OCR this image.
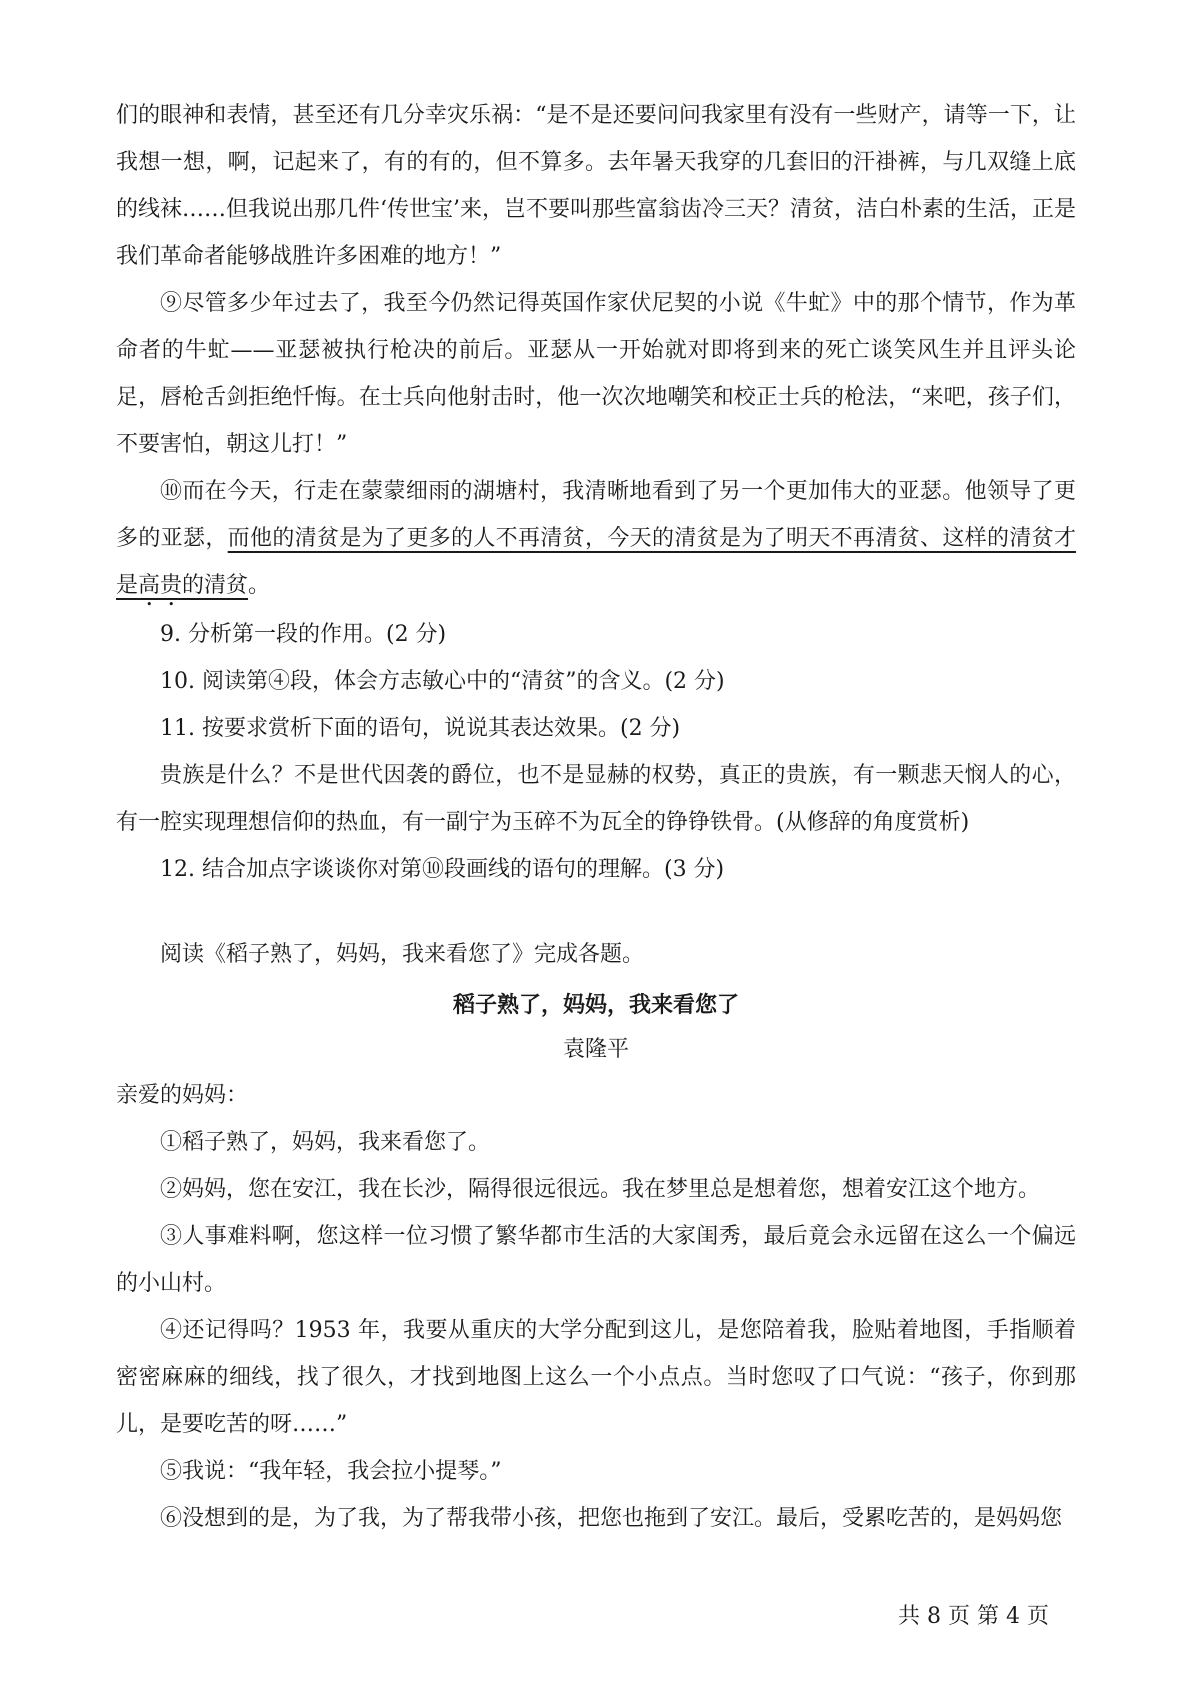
们的眼神和表情，甚至还有几分幸灾乐祸：“是不是还要问问我家里有没有一些财产，请等一下，让我想一想，啊，记起来了，有的有的，但不算多。去年暑天我穿的几套旧的汗褂裤，与几双缝上底的线袜……但我说出那几件‘传世宝’来，岂不要叫那些富翁齿冷三天？清贫，洁白朴素的生活，正是我们革命者能够战胜许多困难的地方！”

⑨尽管多少年过去了，我至今仍然记得英国作家伏尼契的小说《牛虻》中的那个情节，作为革命者的牛虻——亚瑟被执行枪决的前后。亚瑟从一开始就对即将到来的死亡谈笑风生并且评头论足，唇枪舌剑拒绝忏悔。在士兵向他射击时，他一次次地嘲笑和校正士兵的枪法，“来吧，孩子们，不要害怕，朝这儿打！”

⑩而在今天，行走在蒙蒙细雨的湖塘村，我清晰地看到了另一个更加伟大的亚瑟。他领导了更多的亚瑟，而他的清贫是为了更多的人不再清贫，今天的清贫是为了明天不再清贫、这样的清贫才是高贵的清贫。

9. 分析第一段的作用。(2 分)

10. 阅读第④段，体会方志敏心中的“清贫”的含义。(2 分)

11. 按要求赏析下面的语句，说说其表达效果。(2 分)

贵族是什么？不是世代因袭的爵位，也不是显赫的权势，真正的贵族，有一颗悲天悯人的心，有一腔实现理想信仰的热血，有一副宁为玉碎不为瓦全的铮铮铁骨。(从修辞的角度赏析)

12. 结合加点字谈谈你对第⑩段画线的语句的理解。(3 分)

阅读《稻子熟了，妈妈，我来看您了》完成各题。

稻子熟了，妈妈，我来看您了

袁隆平

亲爱的妈妈：

①稻子熟了，妈妈，我来看您了。

②妈妈，您在安江，我在长沙，隔得很远很远。我在梦里总是想着您，想着安江这个地方。

③人事难料啊，您这样一位习惯了繁华都市生活的大家闺秀，最后竟会永远留在这么一个偏远的小山村。

④还记得吗？1953 年，我要从重庆的大学分配到这儿，是您陪着我，脸贴着地图，手指顺着密密麻麻的细线，找了很久，才找到地图上这么一个小点点。当时您叹了口气说：“孩子，你到那儿，是要吃苦的呀……”

⑤我说：“我年轻，我会拉小提琴。”

⑥没想到的是，为了我，为了帮我带小孩，把您也拖到了安江。最后，受累吃苦的，是妈妈您

共 8 页 第 4 页
